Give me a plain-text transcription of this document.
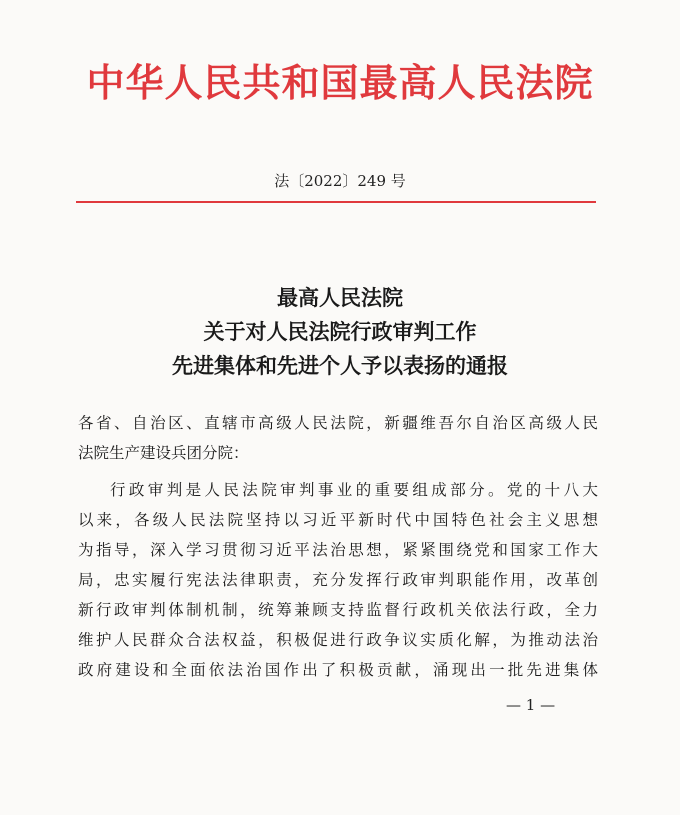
中华人民共和国最高人民法院
法〔2022〕249 号
最高人民法院
关于对人民法院行政审判工作
先进集体和先进个人予以表扬的通报
各省、自治区、直辖市高级人民法院，新疆维吾尔自治区高级人民
法院生产建设兵团分院：
行政审判是人民法院审判事业的重要组成部分。党的十八大
以来，各级人民法院坚持以习近平新时代中国特色社会主义思想
为指导，深入学习贯彻习近平法治思想，紧紧围绕党和国家工作大
局，忠实履行宪法法律职责，充分发挥行政审判职能作用，改革创
新行政审判体制机制，统筹兼顾支持监督行政机关依法行政，全力
维护人民群众合法权益，积极促进行政争议实质化解，为推动法治
政府建设和全面依法治国作出了积极贡献，涌现出一批先进集体
— 1 —
